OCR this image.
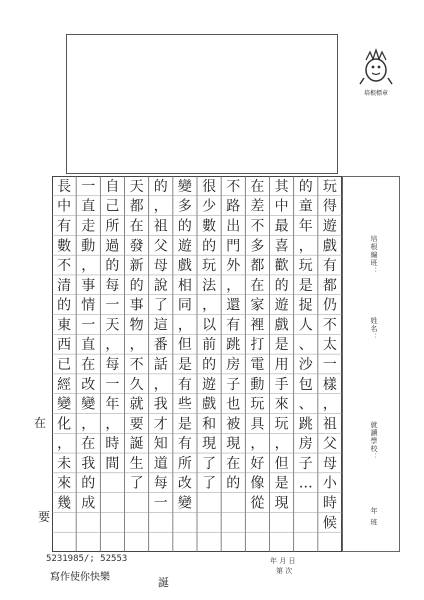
培根標章
玩
得
遊
戲
有
都
仍
不
太
一
樣
，
祖
父
母
小
時
候
的
童
年
，
玩
是
捉
人
、
沙
包
、
跳
房
子
…
其
中
最
喜
歡
的
遊
戲
是
用
手
來
玩
，
但
是
現
在
差
不
多
都
在
家
裡
打
電
動
玩
具
，
好
像
從
不
路
出
門
外
，
還
有
跳
房
子
也
被
現
在
的
很
少
數
的
玩
法
，
以
前
的
遊
戲
和
現
了
了
變
多
的
遊
戲
相
同
，
但
是
有
些
是
有
所
改
變
的
，
祖
父
母
說
了
這
番
話
，
我
才
知
道
每
一
天
都
在
發
新
的
事
物
，
不
久
就
要
誕
生
了
自
己
所
過
的
每
一
天
，
每
一
年
，
時
間
一
直
走
動
，
事
情
一
直
在
改
變
，
在
我
的
成
長
中
有
數
不
清
的
東
西
已
經
變
化
，
未
來
幾
培根編班：
姓名：
就讀學校：
年 班
年 月 日
第 次
5231985/; 52553
寫作使你快樂
在
要
誕
